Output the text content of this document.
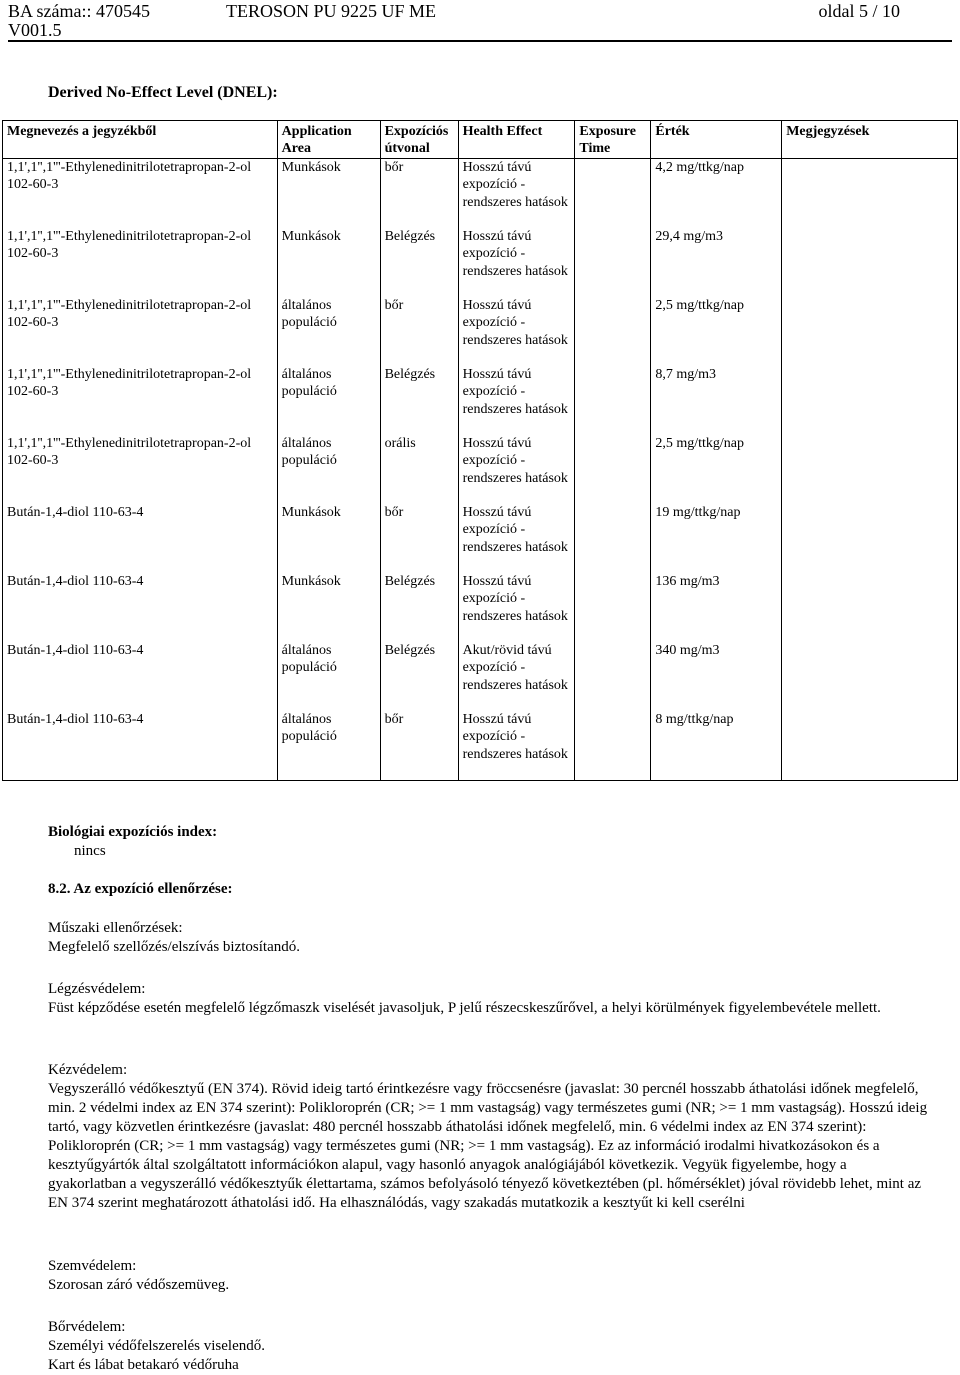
BA száma:: 470545
V001.5
TEROSON PU 9225 UF ME	oldal 5 / 10
Derived No-Effect Level (DNEL):
Megnevezés a jegyzékből	Application Area	Expozíciós útvonal	Health Effect	Exposure Time	Érték	Megjegyzések
1,1',1'',1'''-Ethylenedinitrilotetrapropan-2-ol 102-60-3	Munkások	bőr	Hosszú távú expozíció - rendszeres hatások		4,2 mg/ttkg/nap	
1,1',1'',1'''-Ethylenedinitrilotetrapropan-2-ol 102-60-3	Munkások	Belégzés	Hosszú távú expozíció - rendszeres hatások		29,4 mg/m3	
1,1',1'',1'''-Ethylenedinitrilotetrapropan-2-ol 102-60-3	általános populáció	bőr	Hosszú távú expozíció - rendszeres hatások		2,5 mg/ttkg/nap	
1,1',1'',1'''-Ethylenedinitrilotetrapropan-2-ol 102-60-3	általános populáció	Belégzés	Hosszú távú expozíció - rendszeres hatások		8,7 mg/m3	
1,1',1'',1'''-Ethylenedinitrilotetrapropan-2-ol 102-60-3	általános populáció	orális	Hosszú távú expozíció - rendszeres hatások		2,5 mg/ttkg/nap	
Bután-1,4-diol 110-63-4	Munkások	bőr	Hosszú távú expozíció - rendszeres hatások		19 mg/ttkg/nap	
Bután-1,4-diol 110-63-4	Munkások	Belégzés	Hosszú távú expozíció - rendszeres hatások		136 mg/m3	
Bután-1,4-diol 110-63-4	általános populáció	Belégzés	Akut/rövid távú expozíció - rendszeres hatások		340 mg/m3	
Bután-1,4-diol 110-63-4	általános populáció	bőr	Hosszú távú expozíció - rendszeres hatások		8 mg/ttkg/nap	
Biológiai expozíciós index:
nincs
8.2. Az expozíció ellenőrzése:
Műszaki ellenőrzések:
Megfelelő szellőzés/elszívás biztosítandó.
Légzésvédelem:
Füst képződése esetén megfelelő légzőmaszk viselését javasoljuk, P jelű részecskeszűrővel, a helyi körülmények figyelembevétele mellett.
Kézvédelem:
Vegyszerálló védőkesztyű (EN 374). Rövid ideig tartó érintkezésre vagy fröccsenésre (javaslat: 30 percnél hosszabb áthatolási időnek megfelelő, min. 2 védelmi index az EN 374 szerint): Polikloroprén (CR; >= 1 mm vastagság) vagy természetes gumi (NR; >= 1 mm vastagság). Hosszú ideig tartó, vagy közvetlen érintkezésre (javaslat: 480 percnél hosszabb áthatolási időnek megfelelő, min. 6 védelmi index az EN 374 szerint): Polikloroprén (CR; >= 1 mm vastagság) vagy természetes gumi (NR; >= 1 mm vastagság). Ez az információ irodalmi hivatkozásokon és a kesztyűgyártók által szolgáltatott információkon alapul, vagy hasonló anyagok analógiájából következik. Vegyük figyelembe, hogy a gyakorlatban a vegyszerálló védőkesztyűk élettartama, számos befolyásoló tényező következtében (pl. hőmérséklet) jóval rövidebb lehet, mint az EN 374 szerint meghatározott áthatolási idő. Ha elhasználódás, vagy szakadás mutatkozik a kesztyűt ki kell cserélni
Szemvédelem:
Szorosan záró védőszemüveg.
Bőrvédelem:
Személyi védőfelszerelés viselendő.
Kart és lábat betakaró védőruha
